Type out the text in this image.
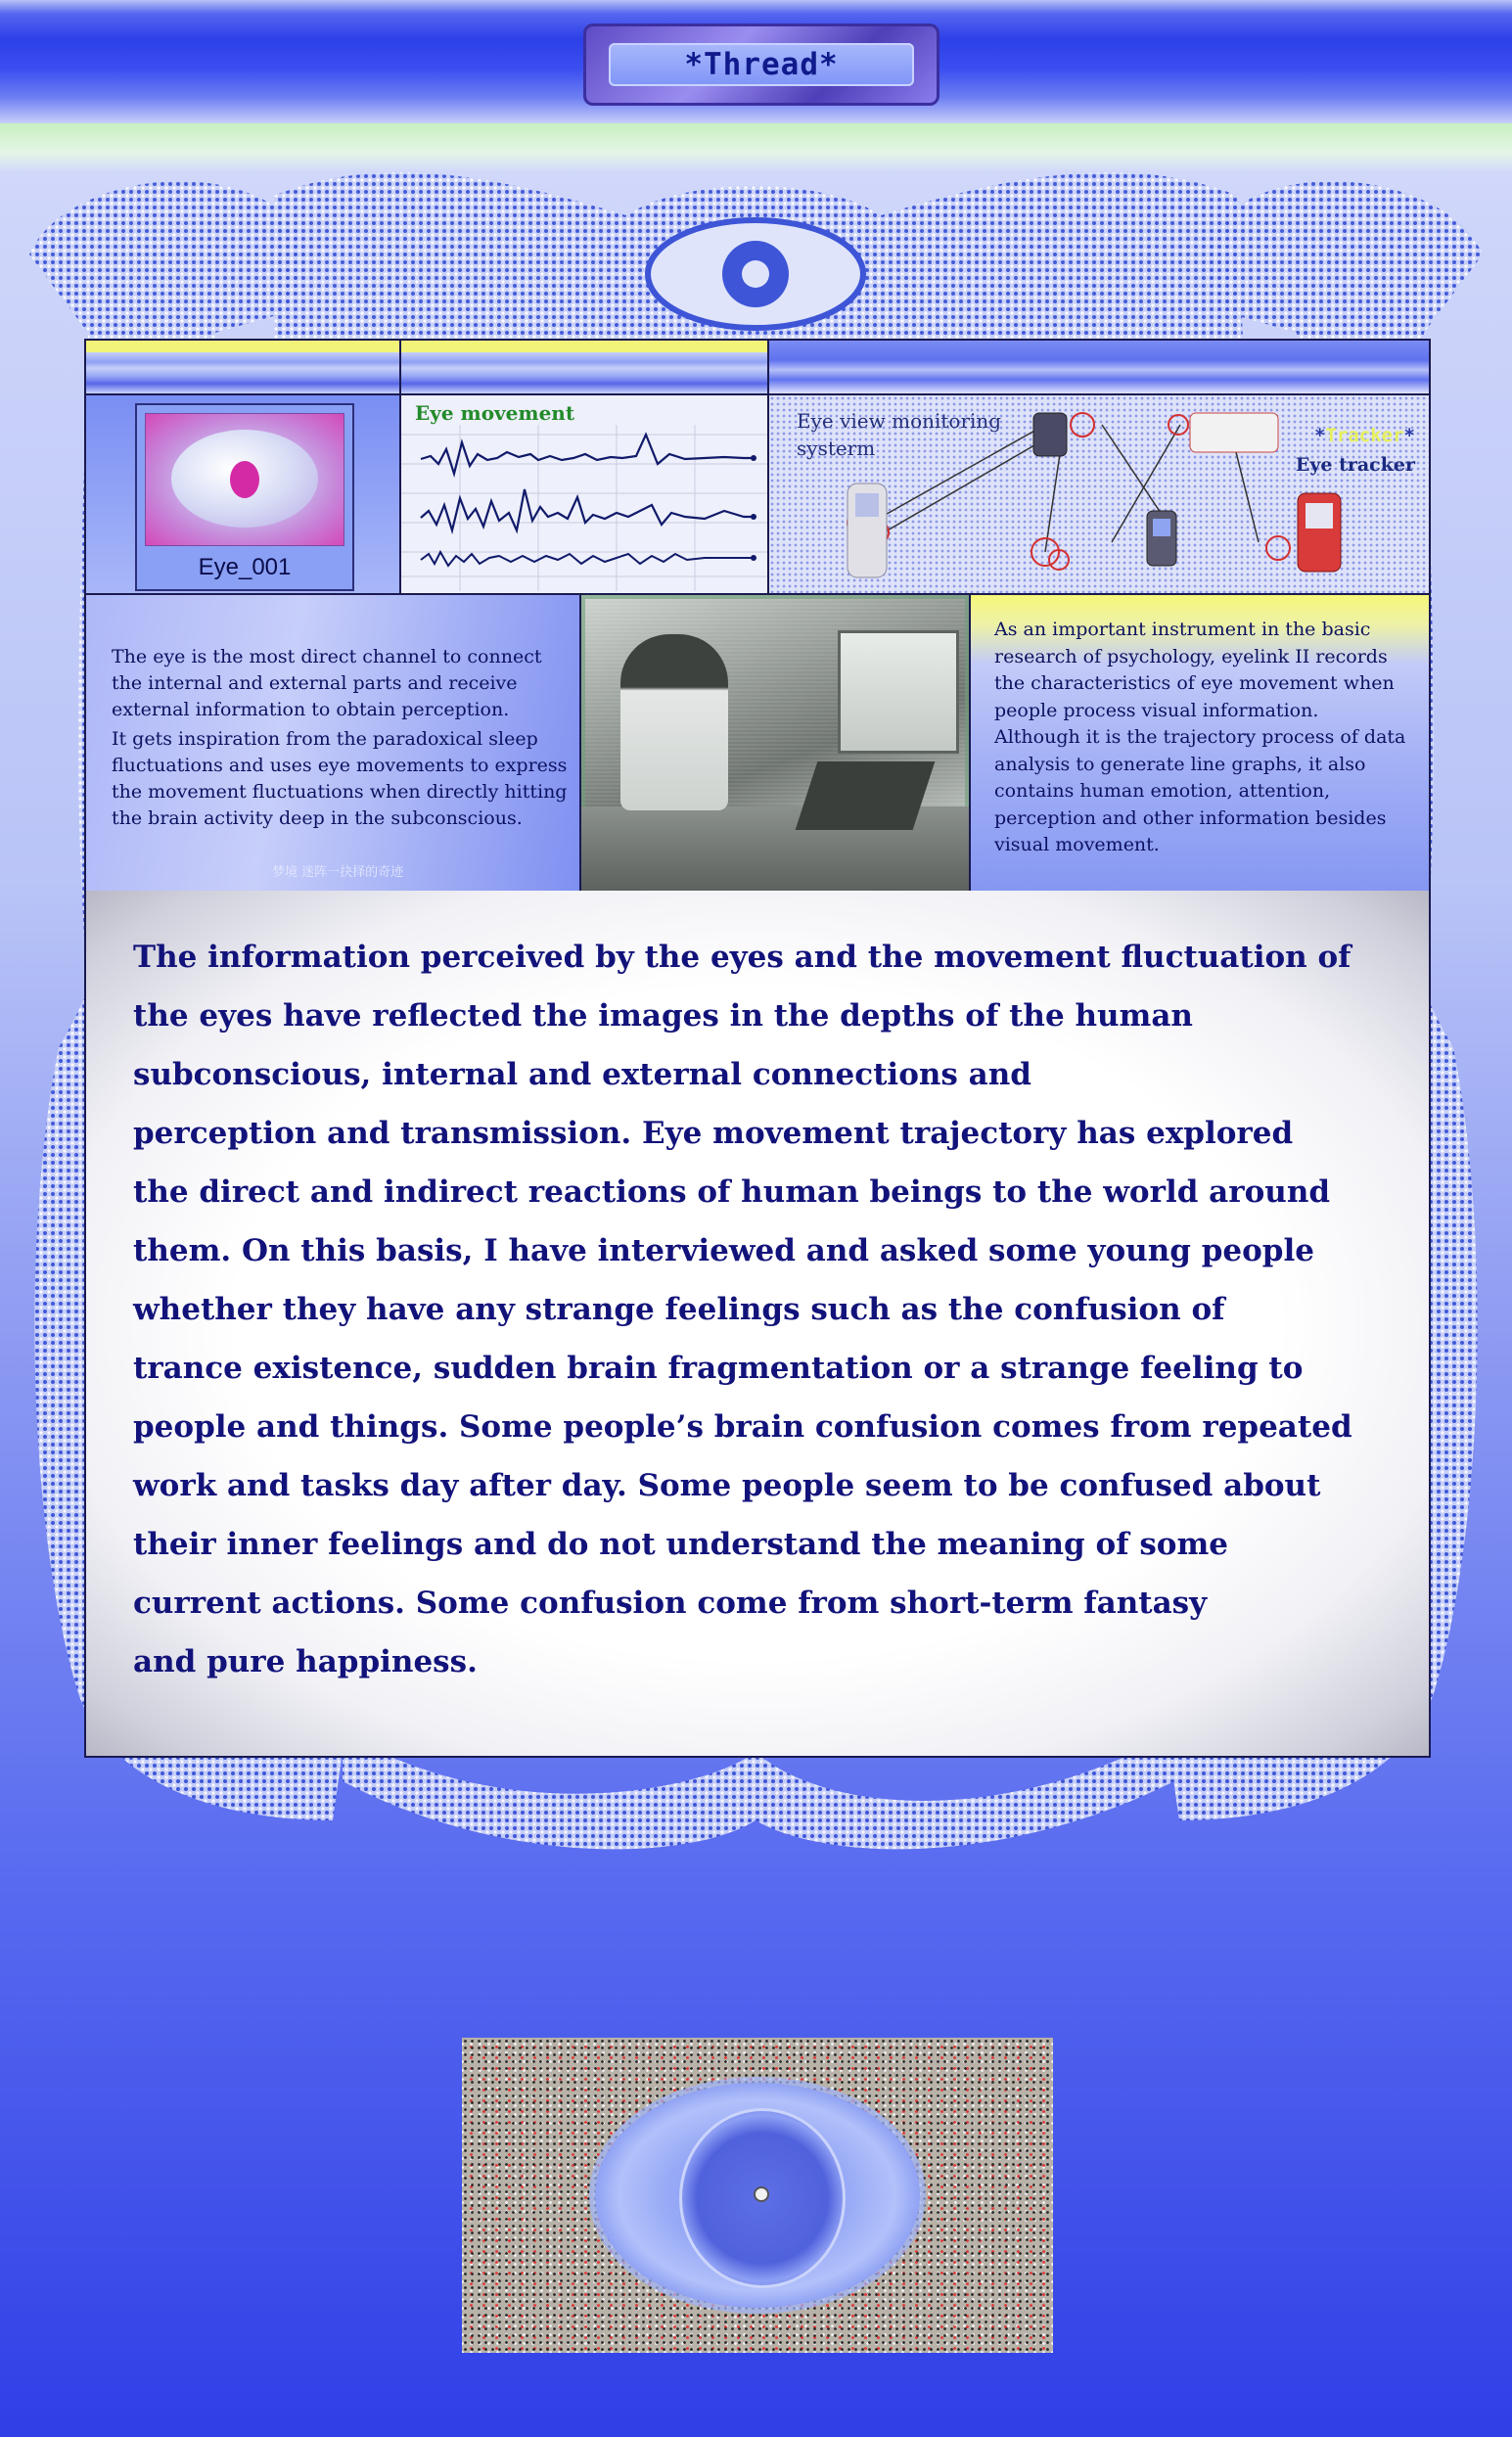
*Thread*
Eye_001
Eye movement	Eye view monitoring systerm
*Tracker*
Eye tracker

The eye is the most direct channel to connect the internal and external parts and receive external information to obtain perception.

It gets inspiration from the paradoxical sleep fluctuations and uses eye movements to express the movement fluctuations when directly hitting the brain activity deep in the subconscious.

梦境 迷阵一抉择的奇迹

As an important instrument in the basic research of psychology, eyelink II records the characteristics of eye movement when people process visual information.

Although it is the trajectory process of data analysis to generate line graphs, it also contains human emotion, attention, perception and other information besides visual movement.

The information perceived by the eyes and the movement fluctuation of
the eyes have reflected the images in the depths of the human
subconscious, internal and external connections and
perception and transmission. Eye movement trajectory has explored
the direct and indirect reactions of human beings to the world around
them. On this basis, I have interviewed and asked some young people
whether they have any strange feelings such as the confusion of
trance existence, sudden brain fragmentation or a strange feeling to
people and things. Some people’s brain confusion comes from repeated
work and tasks day after day. Some people seem to be confused about
their inner feelings and do not understand the meaning of some
current actions. Some confusion come from short-term fantasy
and pure happiness.
